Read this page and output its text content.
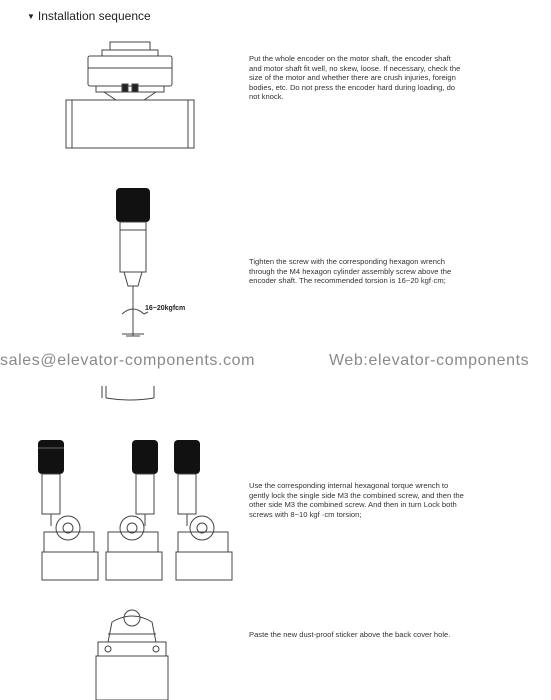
▼ Installation sequence
Put the whole encoder on the motor shaft, the encoder shaft and motor shaft fit well, no skew, loose. If necessary, check the size of the motor and whether there are crush injuries, foreign bodies, etc. Do not press the encoder hard during loading, do not knock.
16~20kgfcm
Tighten the screw with the corresponding hexagon wrench through the M4 hexagon cylinder assembly screw above the encoder shaft. The recommended torsion is 16~20 kgf·cm;
sales@elevator-components.com	Web:elevator-components
Use the corresponding internal hexagonal torque wrench to gently lock the single side M3 the combined screw, and then the other side M3 the combined screw. And then in turn Lock both screws with 8~10 kgf ·cm torsion;
Paste the new dust-proof sticker above the back cover hole.
